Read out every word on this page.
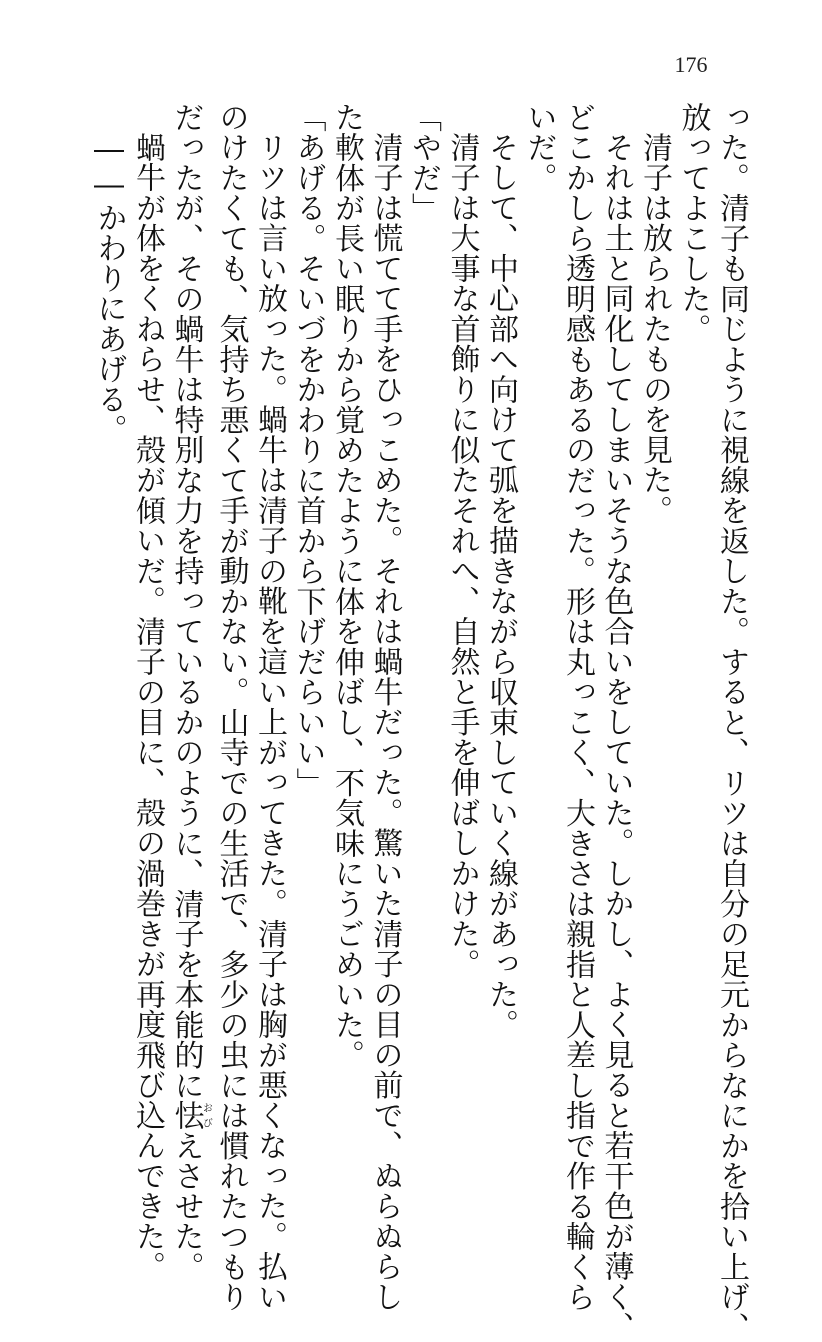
176
った。清子も同じように視線を返した。すると、リツは自分の足元からなにかを拾い上げ、
放ってよこした。
清子は放られたものを見た。
それは土と同化してしまいそうな色合いをしていた。しかし、よく見ると若干色が薄く、
どこかしら透明感もあるのだった。形は丸っこく、大きさは親指と人差し指で作る輪くら
いだ。
そして、中心部へ向けて弧を描きながら収束していく線があった。
清子は大事な首飾りに似たそれへ、自然と手を伸ばしかけた。
「やだ」
清子は慌てて手をひっこめた。それは蝸牛だった。驚いた清子の目の前で、ぬらぬらし
た軟体が長い眠りから覚めたように体を伸ばし、不気味にうごめいた。
「あげる。そいづをかわりに首から下げだらいい」
リツは言い放った。蝸牛は清子の靴を這い上がってきた。清子は胸が悪くなった。払い
のけたくても、気持ち悪くて手が動かない。山寺での生活で、多少の虫には慣れたつもり
だったが、その蝸牛は特別な力を持っているかのように、清子を本能的に怯おびえさせた。
蝸牛が体をくねらせ、殻が傾いだ。清子の目に、殻の渦巻きが再度飛び込んできた。
――かわりにあげる。
